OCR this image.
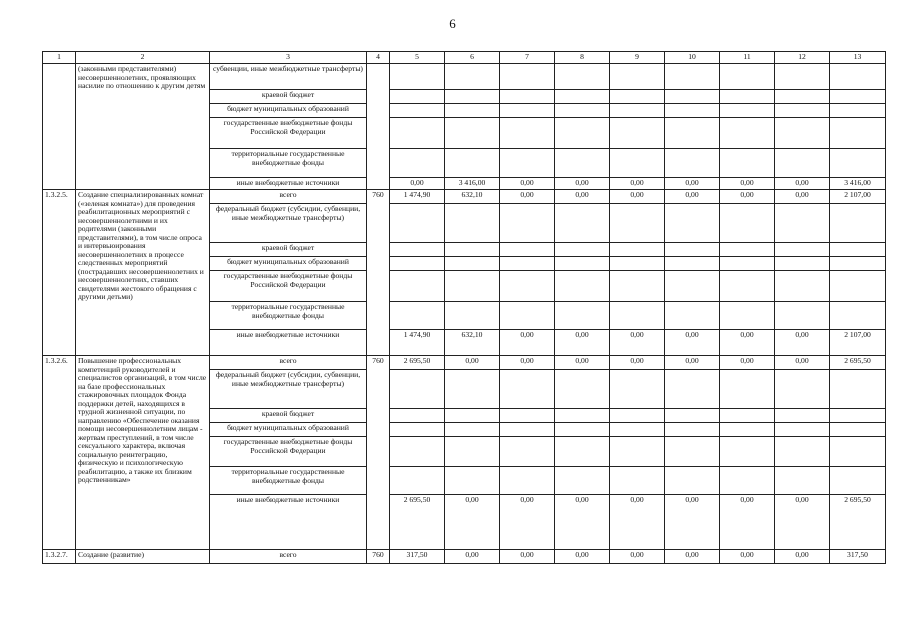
6
1	2	3	4	5	6	7	8	9	10	11	12	13
	(законными представителями) несовершеннолетних, проявляющих насилие по отношению к другим детям	субвенции, иные межбюджетные трансферты)										
		краевой бюджет										
		бюджет муниципальных образований										
		государственные внебюджетные фонды Российской Федерации										
		территориальные государственные внебюджетные фонды										
		иные внебюджетные источники		0,00	3 416,00	0,00	0,00	0,00	0,00	0,00	0,00	3 416,00
1.3.2.5.	Создание специализированных комнат («зеленая комната») для проведения реабилитационных мероприятий с несовершеннолетними и их родителями (законными представителями), в том числе опроса и интервьюирования несовершеннолетних в процессе следственных мероприятий (пострадавших несовершеннолетних и несовершеннолетних, ставших свидетелями жестокого обращения с другими детьми)	всего	760	1 474,90	632,10	0,00	0,00	0,00	0,00	0,00	0,00	2 107,00
		федеральный бюджет (субсидии, субвенции, иные межбюджетные трансферты)										
		краевой бюджет										
		бюджет муниципальных образований										
		государственные внебюджетные фонды Российской Федерации										
		территориальные государственные внебюджетные фонды										
		иные внебюджетные источники		1 474,90	632,10	0,00	0,00	0,00	0,00	0,00	0,00	2 107,00
1.3.2.6.	Повышение профессиональных компетенций руководителей и специалистов организаций, в том числе на базе профессиональных стажировочных площадок Фонда поддержки детей, находящихся в трудной жизненной ситуации, по направлению «Обеспечение оказания помощи несовершеннолетним лицам - жертвам преступлений, в том числе сексуального характера, включая социальную реинтеграцию, физическую и психологическую реабилитацию, а также их близким родственникам»	всего	760	2 695,50	0,00	0,00	0,00	0,00	0,00	0,00	0,00	2 695,50
		федеральный бюджет (субсидии, субвенции, иные межбюджетные трансферты)										
		краевой бюджет										
		бюджет муниципальных образований										
		государственные внебюджетные фонды Российской Федерации										
		территориальные государственные внебюджетные фонды										
		иные внебюджетные источники		2 695,50	0,00	0,00	0,00	0,00	0,00	0,00	0,00	2 695,50
1.3.2.7.	Создание (развитие)	всего	760	317,50	0,00	0,00	0,00	0,00	0,00	0,00	0,00	317,50
